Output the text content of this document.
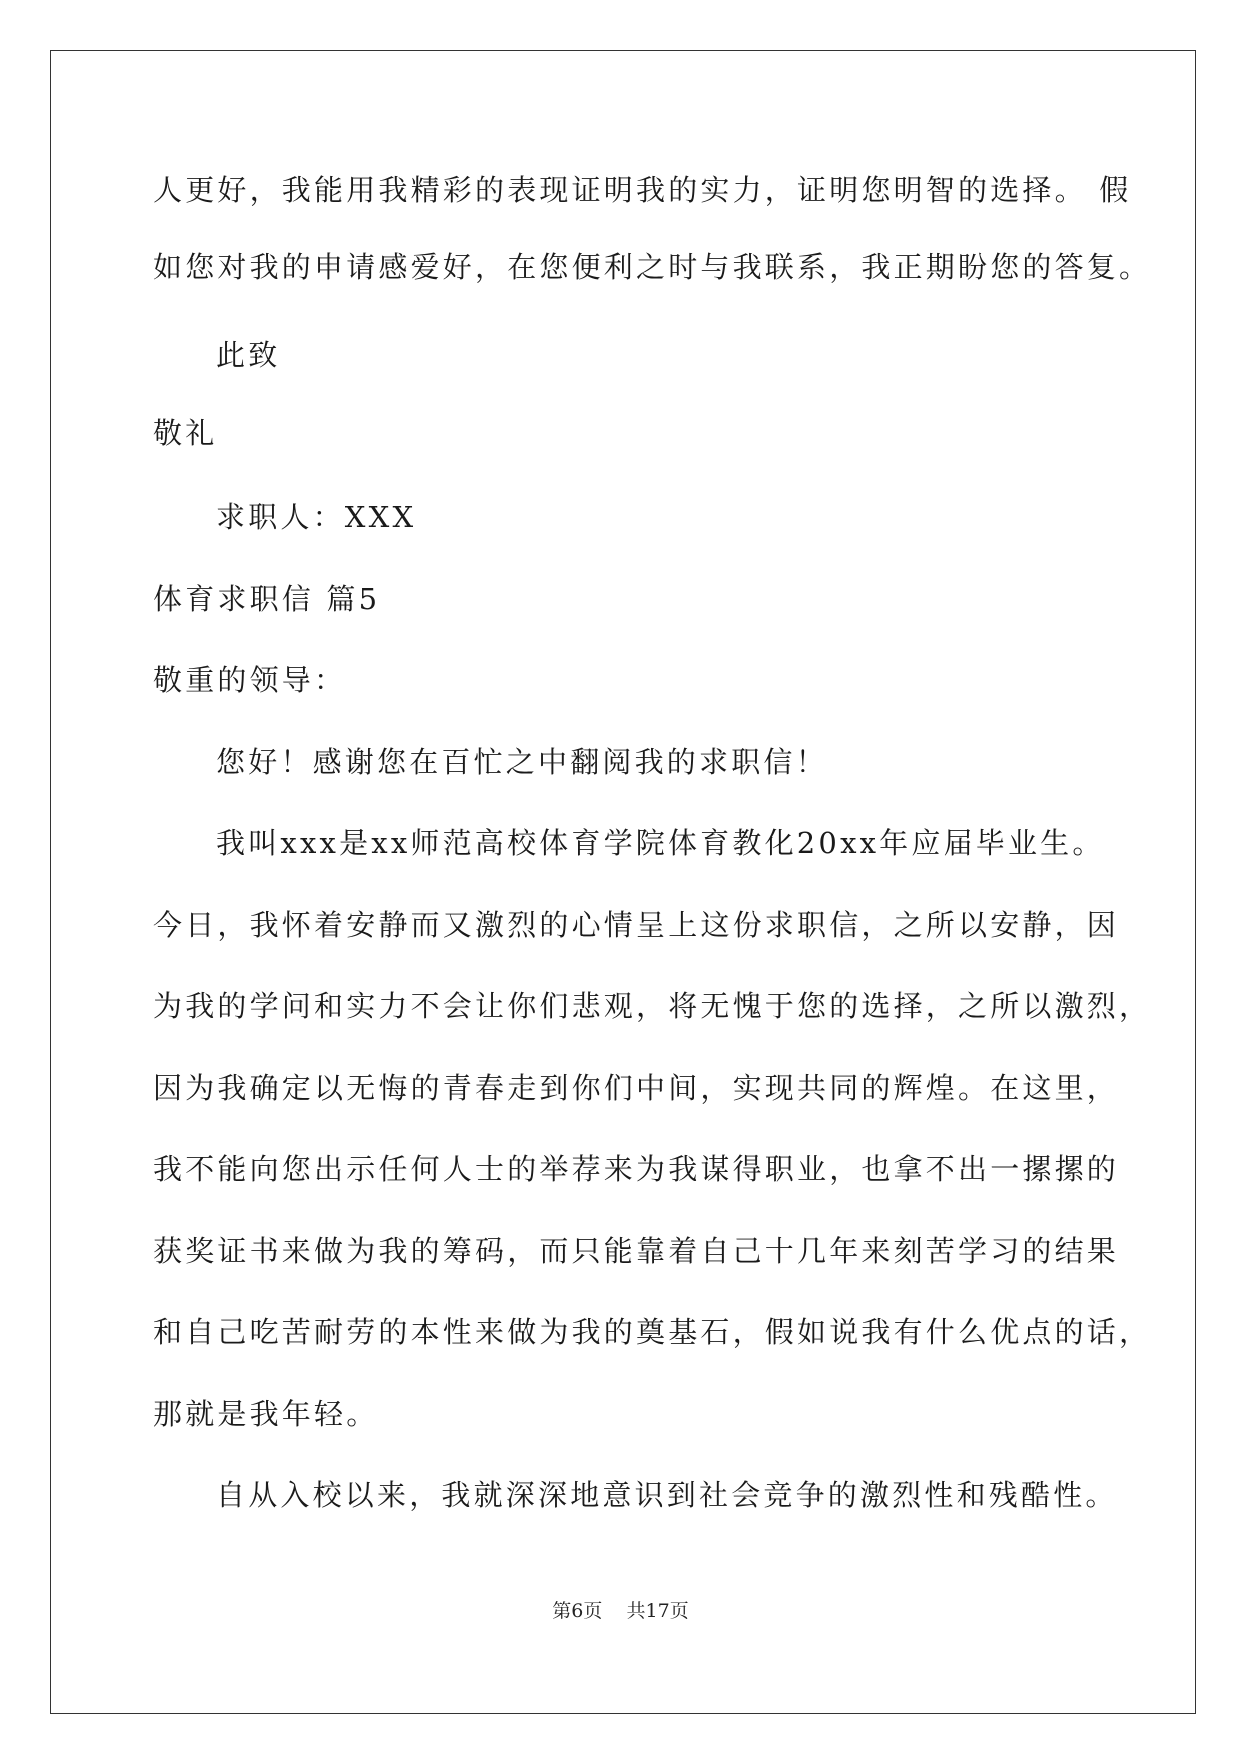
人更好，我能用我精彩的表现证明我的实力，证明您明智的选择。 假
如您对我的申请感爱好，在您便利之时与我联系，我正期盼您的答复。
此致
敬礼
求职人：XXX
体育求职信 篇5
敬重的领导：
您好！感谢您在百忙之中翻阅我的求职信！
我叫xxx是xx师范高校体育学院体育教化20xx年应届毕业生。
今日，我怀着安静而又激烈的心情呈上这份求职信，之所以安静，因
为我的学问和实力不会让你们悲观，将无愧于您的选择，之所以激烈，
因为我确定以无悔的青春走到你们中间，实现共同的辉煌。在这里，
我不能向您出示任何人士的举荐来为我谋得职业，也拿不出一摞摞的
获奖证书来做为我的筹码，而只能靠着自己十几年来刻苦学习的结果
和自己吃苦耐劳的本性来做为我的奠基石，假如说我有什么优点的话，
那就是我年轻。
自从入校以来，我就深深地意识到社会竞争的激烈性和残酷性。
第6页    共17页
